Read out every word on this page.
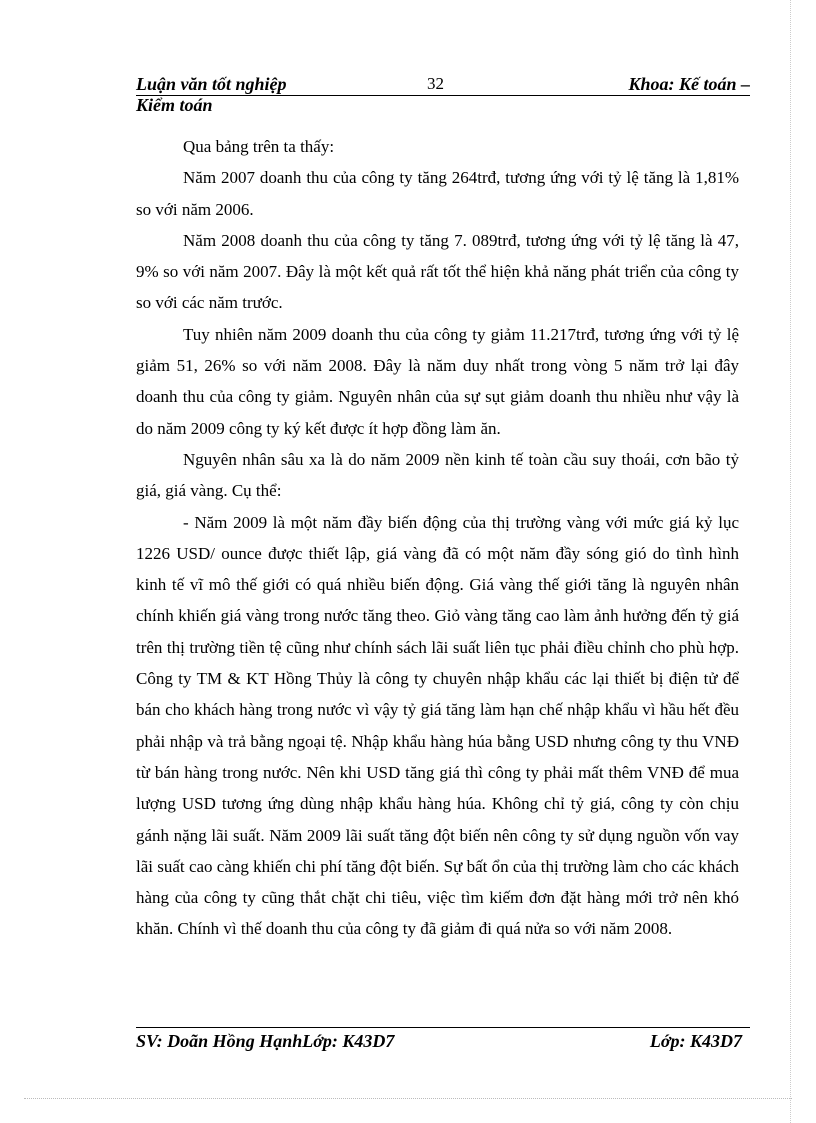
Luận văn tốt nghiệp	32	Khoa: Kế toán –
Kiểm toán

Qua bảng trên ta thấy:

Năm 2007 doanh thu của công ty tăng 264trđ, tương ứng với tỷ lệ tăng là 1,81% so với năm 2006.

Năm 2008 doanh thu của công ty tăng 7. 089trđ, tương ứng với tỷ lệ tăng là 47, 9% so với năm 2007. Đây là một kết quả rất tốt thể hiện khả năng phát triển của công ty so với các năm trước.

Tuy nhiên năm 2009 doanh thu của công ty giảm 11.217trđ, tương ứng với tỷ lệ giảm 51, 26% so với năm 2008. Đây là năm duy nhất trong vòng 5 năm trở lại đây doanh thu của công ty giảm. Nguyên nhân của sự sụt giảm doanh thu nhiều như vậy là do năm 2009 công ty ký kết được ít hợp đồng làm ăn.

Nguyên nhân sâu xa là do năm 2009 nền kinh tế toàn cầu suy thoái, cơn bão tỷ giá, giá vàng. Cụ thể:

- Năm 2009 là một năm đầy biến động của thị trường vàng với mức giá kỷ lục 1226 USD/ ounce được thiết lập, giá vàng đã có một năm đầy sóng gió do tình hình kinh tế vĩ mô thế giới có quá nhiều biến động. Giá vàng thế giới tăng là nguyên nhân chính khiến giá vàng trong nước tăng theo. Giỏ vàng tăng cao làm ảnh hưởng đến tỷ giá trên thị trường tiền tệ cũng như chính sách lãi suất liên tục phải điều chỉnh cho phù hợp. Công ty TM & KT Hồng Thủy là công ty chuyên nhập khẩu các lại thiết bị điện tử để bán cho khách hàng trong nước vì vậy tỷ giá tăng làm hạn chế nhập khẩu vì hầu hết đều phải nhập và trả bằng ngoại tệ. Nhập khẩu hàng húa bằng USD nhưng công ty thu VNĐ từ bán hàng trong nước. Nên khi USD tăng giá thì công ty phải mất thêm VNĐ để mua lượng USD tương ứng dùng nhập khẩu hàng húa. Không chỉ tỷ giá, công ty còn chịu gánh nặng lãi suất. Năm 2009 lãi suất tăng đột biến nên công ty sử dụng nguồn vốn vay lãi suất cao càng khiến chi phí tăng đột biến. Sự bất ổn của thị trường làm cho các khách hàng của công ty cũng thắt chặt chi tiêu, việc tìm kiếm đơn đặt hàng mới trở nên khó khăn. Chính vì thế doanh thu của công ty đã giảm đi quá nửa so với năm 2008.

SV: Doãn Hồng HạnhLớp: K43D7	Lớp: K43D7
